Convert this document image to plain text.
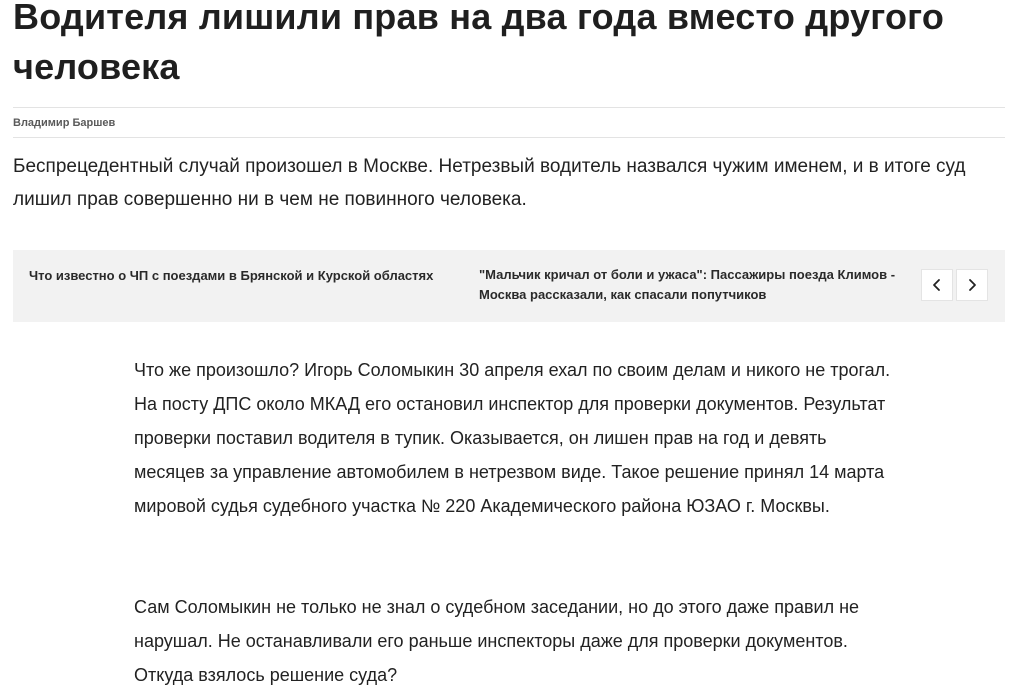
Водителя лишили прав на два года вместо другого человека
Владимир Баршев

Беспрецедентный случай произошел в Москве. Нетрезвый водитель назвался чужим именем, и в итоге суд лишил прав совершенно ни в чем не повинного человека.

Что известно о ЧП с поездами в Брянской и Курской областях	"Мальчик кричал от боли и ужаса": Пассажиры поезда Климов - Москва рассказали, как спасали попутчиков

Что же произошло? Игорь Соломыкин 30 апреля ехал по своим делам и никого не трогал. На посту ДПС около МКАД его остановил инспектор для проверки документов. Результат проверки поставил водителя в тупик. Оказывается, он лишен прав на год и девять месяцев за управление автомобилем в нетрезвом виде. Такое решение принял 14 марта мировой судья судебного участка № 220 Академического района ЮЗАО г. Москвы.

Сам Соломыкин не только не знал о судебном заседании, но до этого даже правил не нарушал. Не останавливали его раньше инспекторы даже для проверки документов. Откуда взялось решение суда?
